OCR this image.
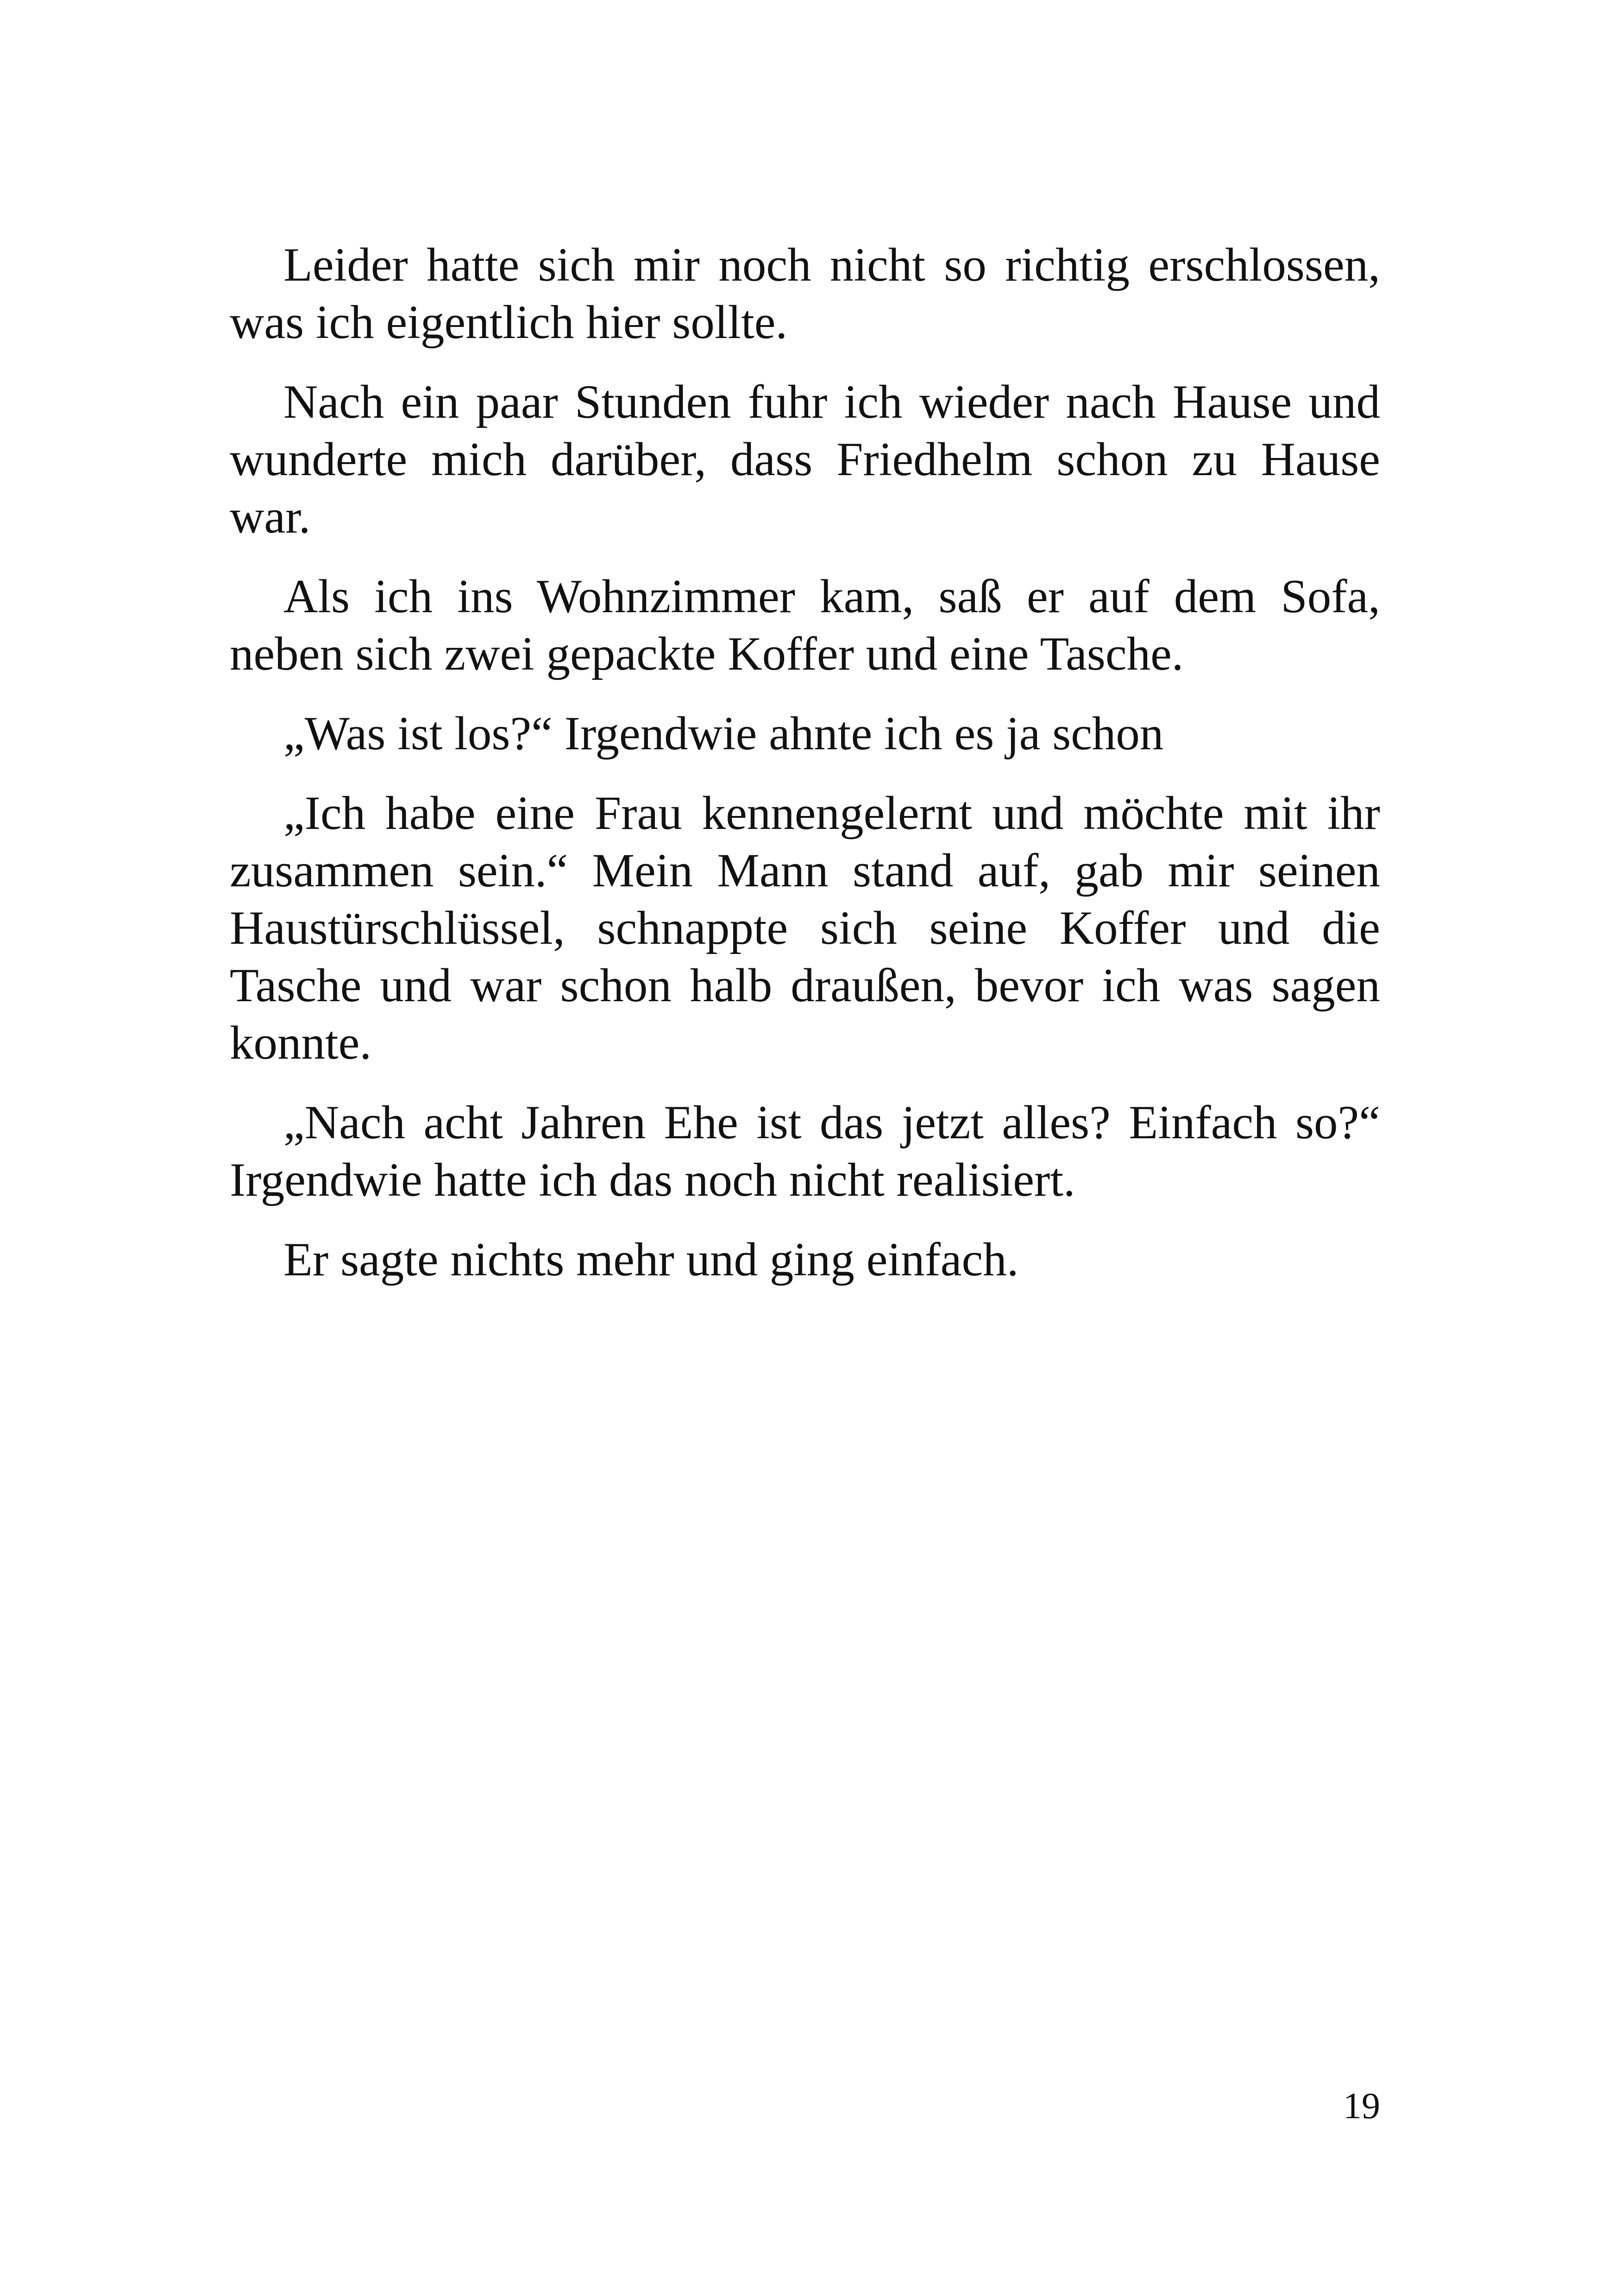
Leider hatte sich mir noch nicht so richtig erschlossen, was ich eigentlich hier sollte.

Nach ein paar Stunden fuhr ich wieder nach Hause und wunderte mich darüber, dass Friedhelm schon zu Hause war.

Als ich ins Wohnzimmer kam, saß er auf dem Sofa, neben sich zwei gepackte Koffer und eine Tasche.

„Was ist los?“ Irgendwie ahnte ich es ja schon

„Ich habe eine Frau kennengelernt und möchte mit ihr zusammen sein.“ Mein Mann stand auf, gab mir seinen Haustürschlüssel, schnappte sich seine Koffer und die Tasche und war schon halb draußen, bevor ich was sagen konnte.

„Nach acht Jahren Ehe ist das jetzt alles? Einfach so?“ Irgendwie hatte ich das noch nicht realisiert.

Er sagte nichts mehr und ging einfach.

19
